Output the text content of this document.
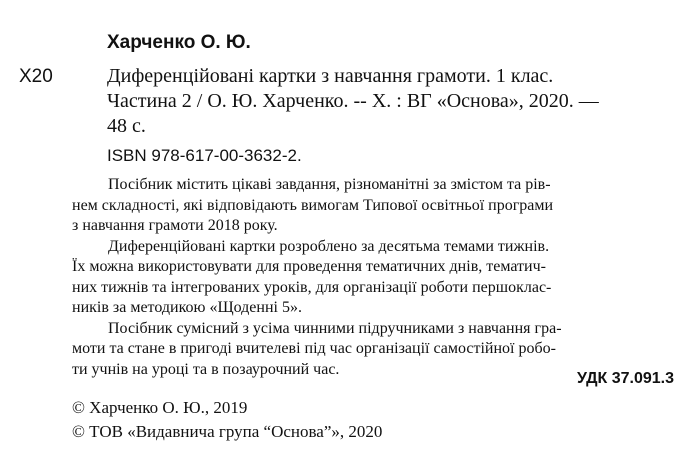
Харченко О. Ю.
Х20	Диференційовані картки з навчання грамоти. 1 клас.
Частина 2 / О. Ю. Харченко. -- Х. : ВГ «Основа», 2020. —
48 с.
ISBN 978-617-00-3632-2.
Посібник містить цікаві завдання, різноманітні за змістом та рів-
нем складності, які відповідають вимогам Типової освітньої програми
з навчання грамоти 2018 року.
Диференційовані картки розроблено за десятьма темами тижнів.
Їх можна використовувати для проведення тематичних днів, тематич-
них тижнів та інтегрованих уроків, для організації роботи першоклас-
ників за методикою «Щоденні 5».
Посібник сумісний з усіма чинними підручниками з навчання гра-
моти та стане в пригоді вчителеві під час організації самостійної робо-
ти учнів на уроці та в позаурочний час.
УДК 37.091.3
© Харченко О. Ю., 2019
© ТОВ «Видавнича група “Основа”», 2020
